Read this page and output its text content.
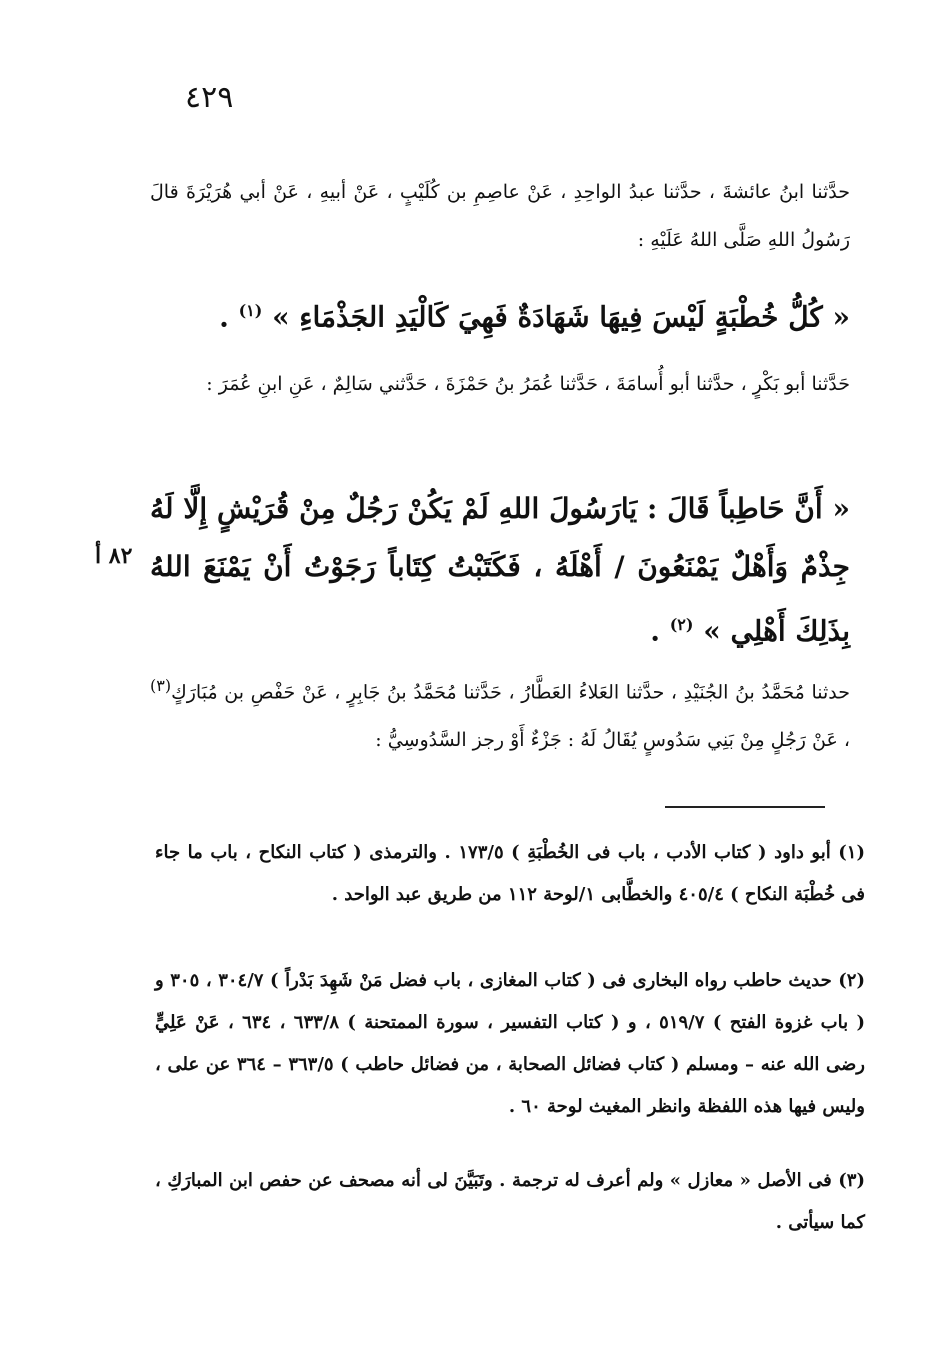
٤٢٩
حدَّثنا ابنُ عائشةَ ، حدَّثنا عبدُ الواحِدِ ، عَنْ عاصِمِ بن كُلَيْبٍ ، عَنْ أبيهِ ، عَنْ أبي هُرَيْرَةَ قالَ رَسُولُ اللهِ صَلَّى اللهُ عَلَيْهِ :
« كُلُّ خُطْبَةٍ لَيْسَ فِيهَا شَهَادَةٌ فَهِيَ كَالْيَدِ الجَذْمَاءِ » $^{(١)}$ .
حَدَّثنا أبو بَكْرٍ ، حدَّثنا أبو أُسامَةَ ، حَدَّثنا عُمَرُ بنُ حَمْزَةَ ، حَدَّثني سَالِمٌ ، عَنِ ابنِ عُمَرَ :
« أَنَّ حَاطِباً قَالَ : يَارَسُولَ اللهِ لَمْ يَكُنْ رَجُلٌ مِنْ قُرَيْشٍ إِلَّا لَهُ جِذْمٌ وَأَهْلٌ يَمْنَعُونَ / أَهْلَهُ ، فَكَتَبْتُ كِتَاباً رَجَوْتُ أَنْ يَمْنَعَ اللهُ بِذَلِكَ أَهْلِي » $^{(٢)}$ .
٨٢ أ
حدثنا مُحَمَّدُ بنُ الجُنَيْدِ ، حدَّثنا العَلاءُ العَطَّارُ ، حَدَّثنا مُحَمَّدُ بنُ جَابِرٍ ، عَنْ حَفْصِ بن مُبَارَكٍ$^{(٣)}$ ، عَنْ رَجُلٍ مِنْ بَنِي سَدُوسٍ يُقَالُ لَهُ : جَزْءٌ أَوْ رجز السَّدُوسِيُّ :
(١) أبو داود ( كتاب الأدب ، باب فى الخُطْبَةِ ) ١٧٣/٥ . والترمذى ( كتاب النكاح ، باب ما جاء فى خُطْبَة النكاح ) ٤٠٥/٤ والخطَّابى ١/لوحة ١١٢ من طريق عبد الواحد .
(٢) حديث حاطب رواه البخارى فى ( كتاب المغازى ، باب فضل مَنْ شَهِدَ بَدْراً ) ٣٠٤/٧ ، ٣٠٥ و ( باب غزوة الفتح ) ٥١٩/٧ ، و ( كتاب التفسير ، سورة الممتحنة ) ٦٣٣/٨ ، ٦٣٤ ، عَنْ عَلِيٍّ رضى الله عنه – ومسلم ( كتاب فضائل الصحابة ، من فضائل حاطب ) ٣٦٣/٥ – ٣٦٤ عن على ، وليس فيها هذه اللفظة وانظر المغيث لوحة ٦٠ .
(٣) فى الأصل « معازل » ولم أعرف له ترجمة . وتَبَيَّنَ لى أنه مصحف عن حفص ابن المبارَكِ ، كما سيأتى .
